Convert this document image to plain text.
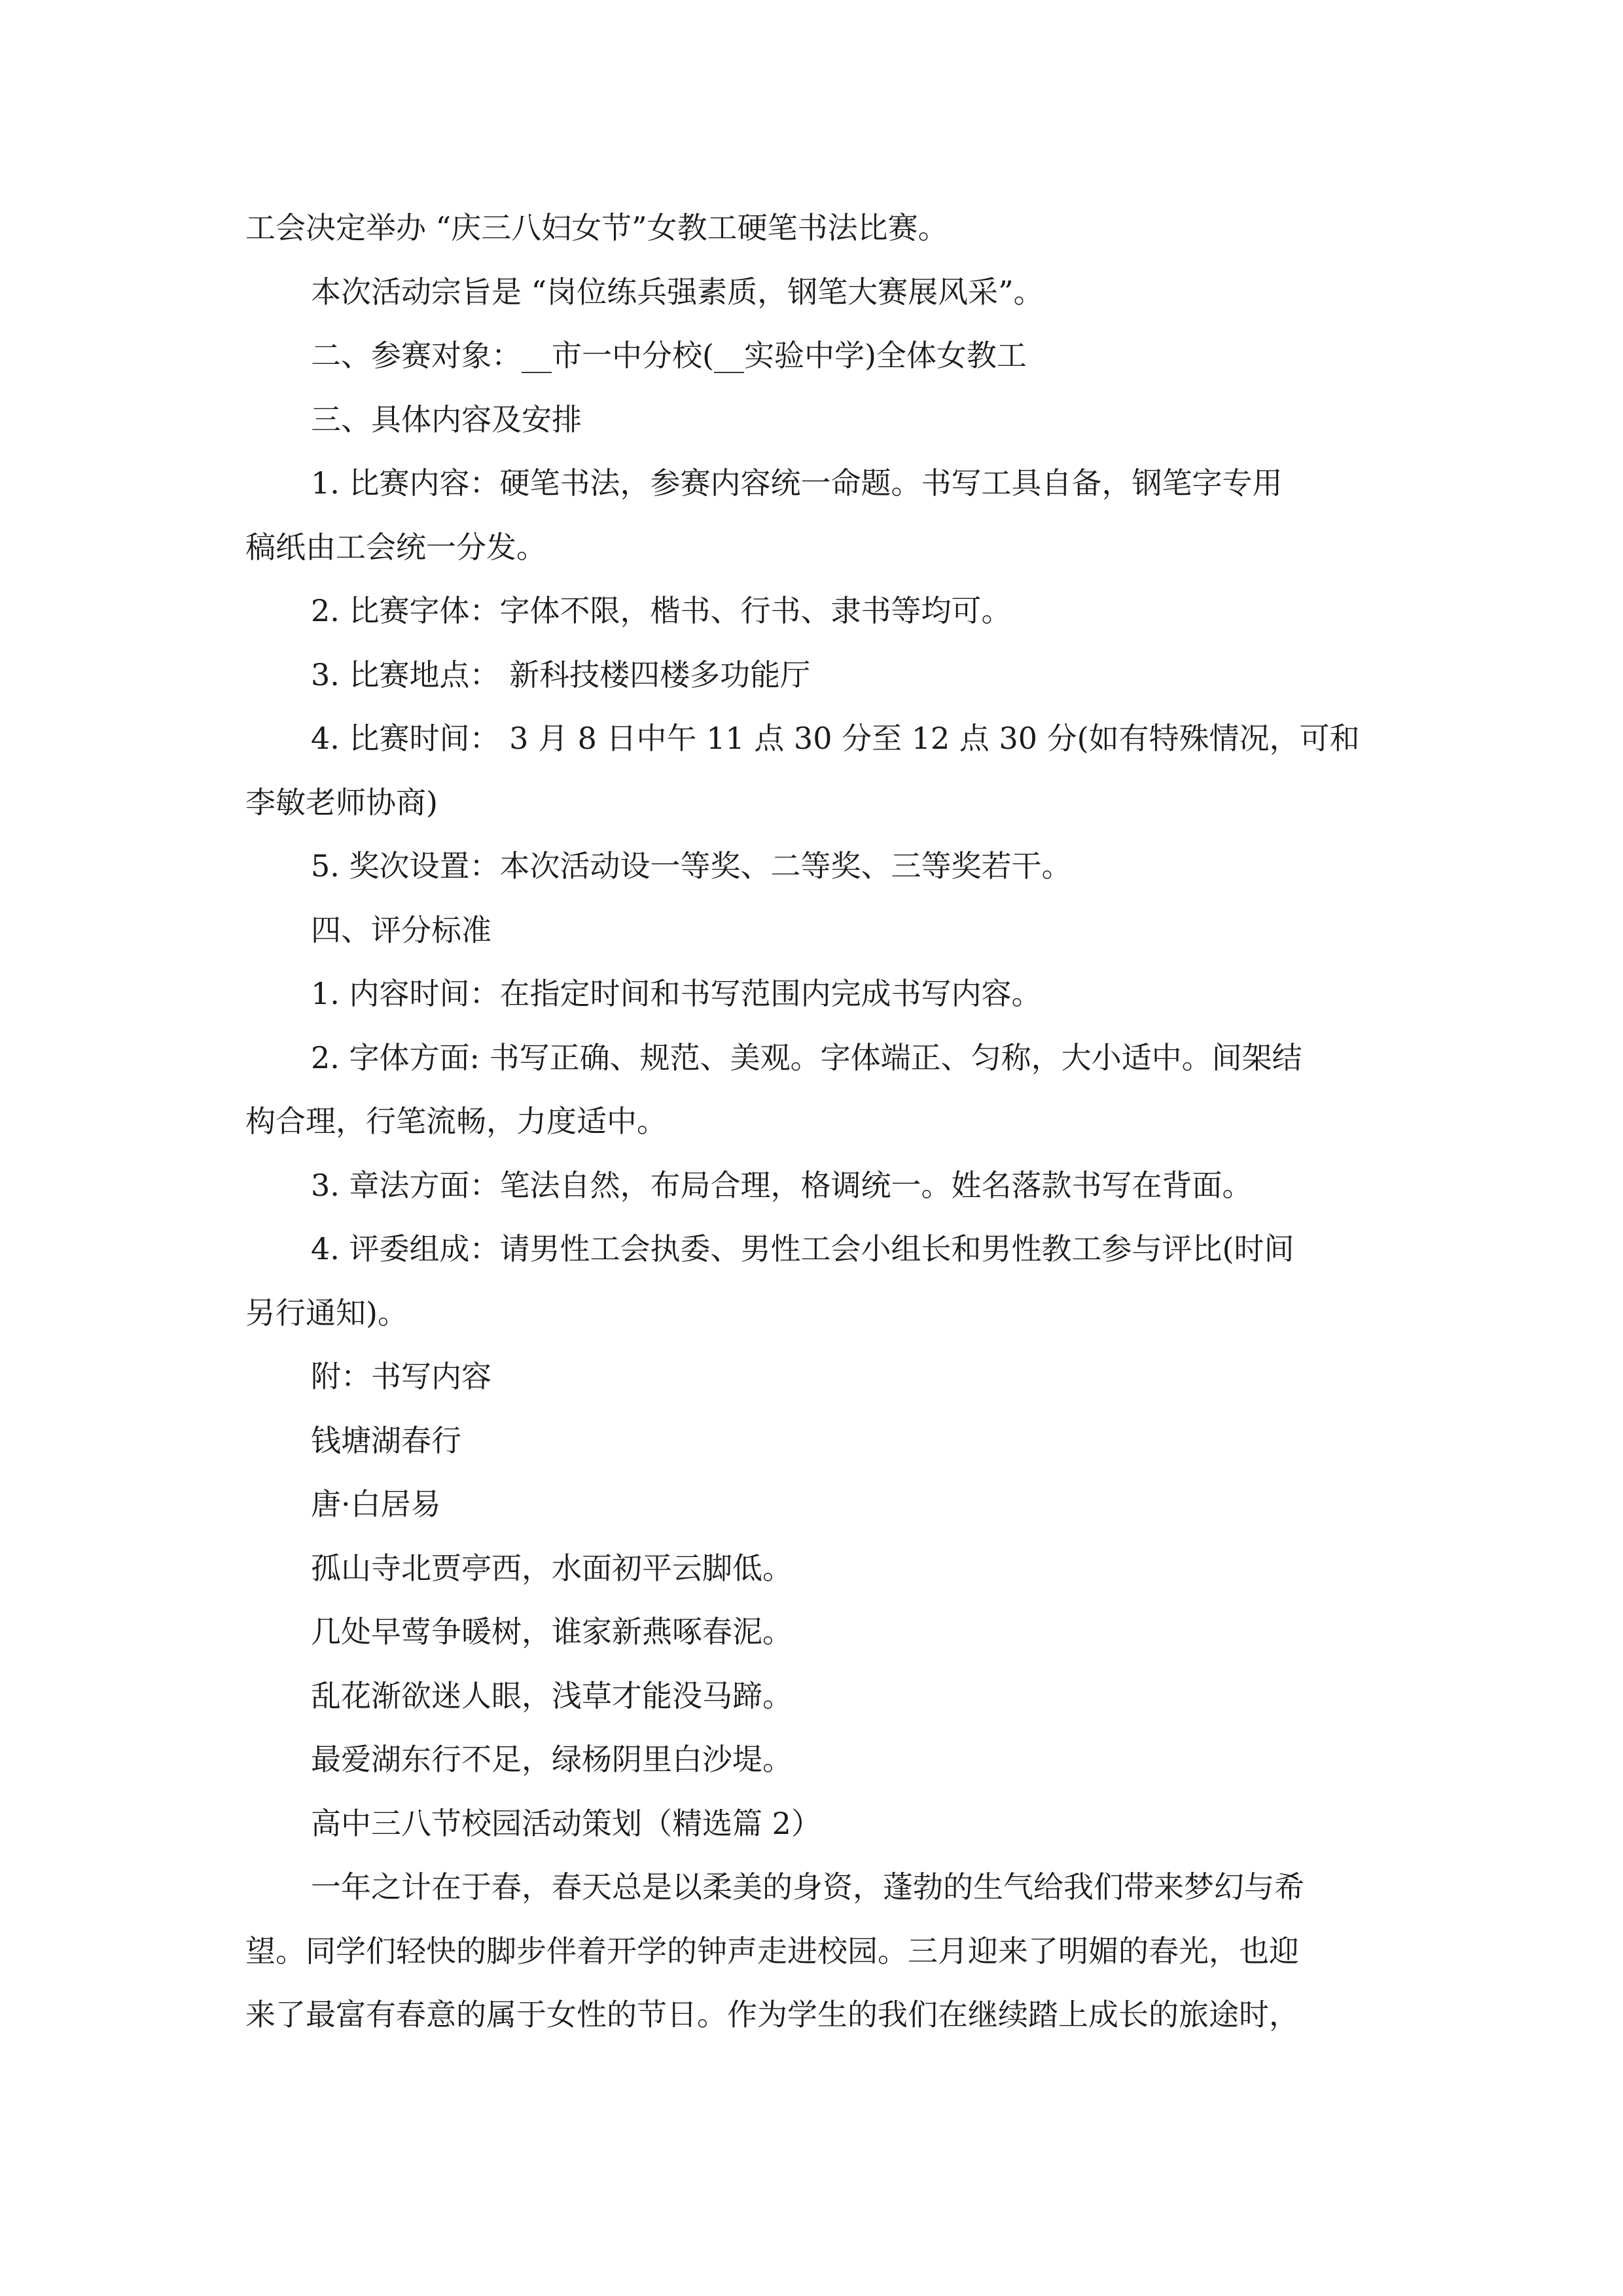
工会决定举办 “庆三八妇女节”女教工硬笔书法比赛。

本次活动宗旨是 “岗位练兵强素质，钢笔大赛展风采”。

二、参赛对象：__市一中分校(__实验中学)全体女教工

三、具体内容及安排

1. 比赛内容：硬笔书法，参赛内容统一命题。书写工具自备，钢笔字专用

稿纸由工会统一分发。

2. 比赛字体：字体不限，楷书、行书、隶书等均可。

3. 比赛地点： 新科技楼四楼多功能厅

4. 比赛时间： 3 月 8 日中午 11 点 30 分至 12 点 30 分(如有特殊情况，可和

李敏老师协商)

5. 奖次设置：本次活动设一等奖、二等奖、三等奖若干。

四、评分标准

1. 内容时间：在指定时间和书写范围内完成书写内容。

2. 字体方面: 书写正确、规范、美观。字体端正、匀称，大小适中。间架结

构合理，行笔流畅，力度适中。

3. 章法方面：笔法自然，布局合理，格调统一。姓名落款书写在背面。

4. 评委组成：请男性工会执委、男性工会小组长和男性教工参与评比(时间

另行通知)。

附：书写内容

钱塘湖春行

唐·白居易

孤山寺北贾亭西，水面初平云脚低。

几处早莺争暖树，谁家新燕啄春泥。

乱花渐欲迷人眼，浅草才能没马蹄。

最爱湖东行不足，绿杨阴里白沙堤。

高中三八节校园活动策划（精选篇 2）

一年之计在于春，春天总是以柔美的身资，蓬勃的生气给我们带来梦幻与希

望。同学们轻快的脚步伴着开学的钟声走进校园。三月迎来了明媚的春光，也迎

来了最富有春意的属于女性的节日。作为学生的我们在继续踏上成长的旅途时，
